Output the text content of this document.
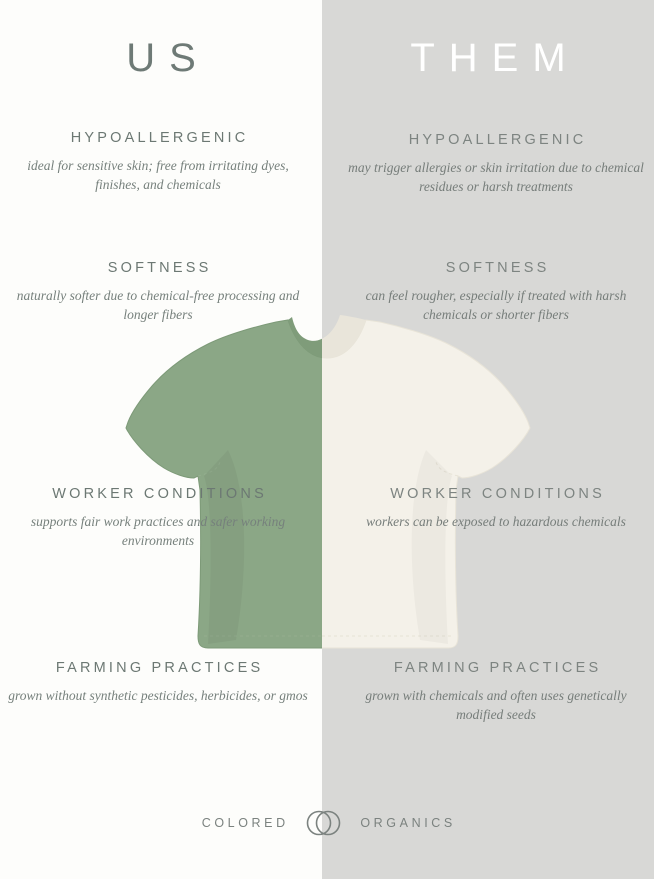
US	THEM
HYPOALLERGENIC
ideal for sensitive skin; free from irritating dyes, finishes, and chemicals
SOFTNESS
naturally softer due to chemical-free processing and longer fibers
WORKER CONDITIONS
supports fair work practices and safer working environments
FARMING PRACTICES
grown without synthetic pesticides, herbicides, or gmos
HYPOALLERGENIC
may trigger allergies or skin irritation due to chemical residues or harsh treatments
SOFTNESS
can feel rougher, especially if treated with harsh chemicals or shorter fibers
WORKER CONDITIONS
workers can be exposed to hazardous chemicals
FARMING PRACTICES
grown with chemicals and often uses genetically modified seeds
COLORED	ORGANICS
